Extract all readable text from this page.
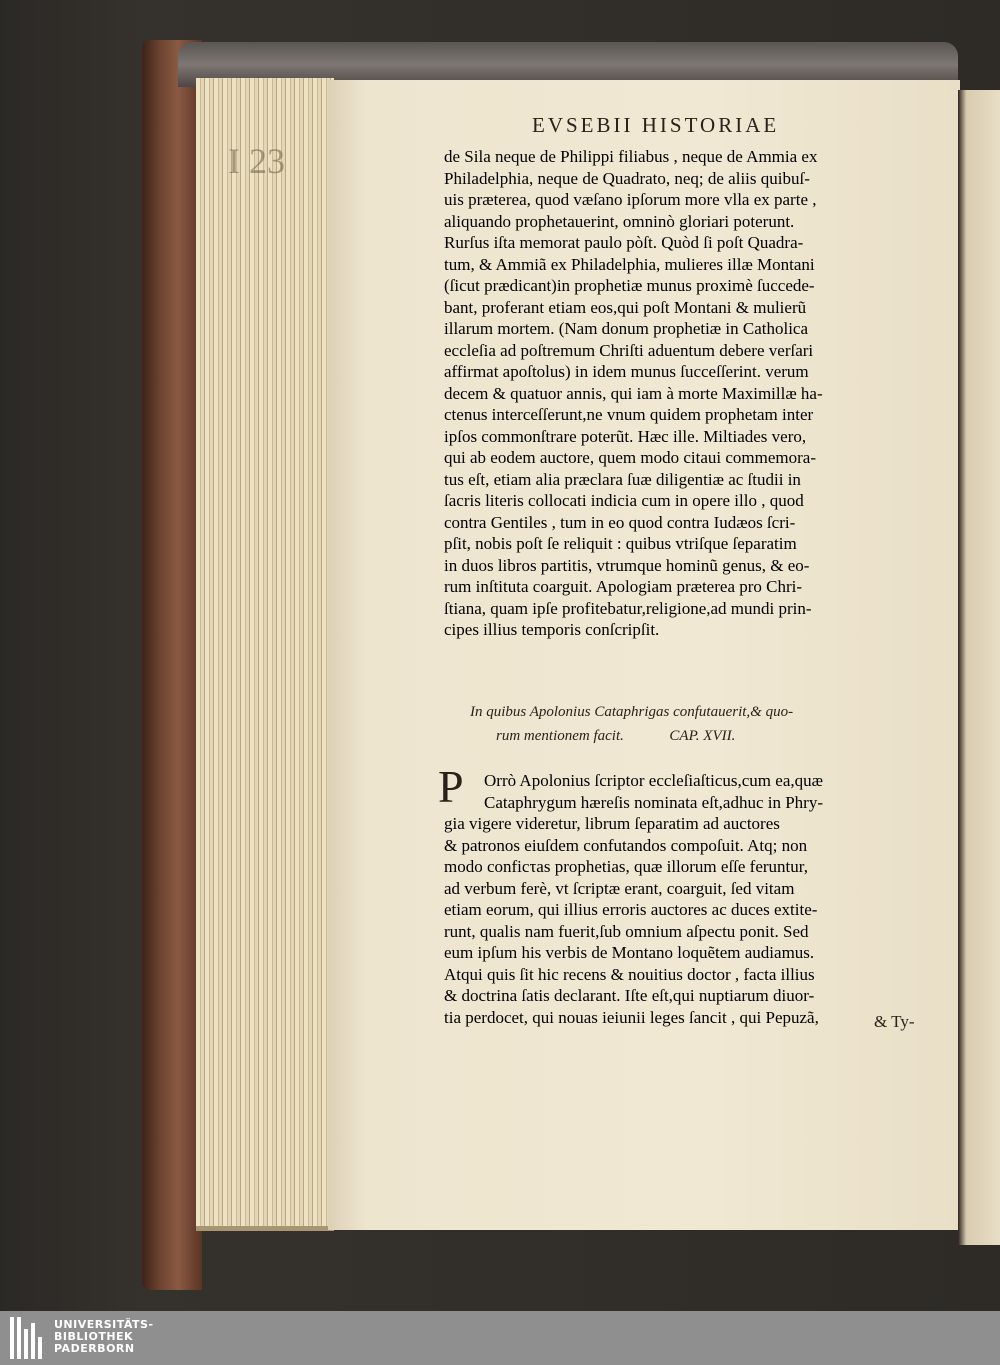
I 23
EVSEBII HISTORIAE
de Sila neque de Philippi filiabus , neque de Ammia ex
Philadelphia, neque de Quadrato, neq; de aliis quibuſ-
uis præterea, quod væſano ipſorum more vlla ex parte ,
aliquando prophetauerint, omninò gloriari poterunt.
Rurſus iſta memorat paulo pòſt. Quòd ſi poſt Quadra-
tum, & Ammiã ex Philadelphia, mulieres illæ Montani
(ſicut prædicant)in prophetiæ munus proximè ſuccede-
bant, proferant etiam eos,qui poſt Montani & mulierũ
illarum mortem. (Nam donum prophetiæ in Catholica
eccleſia ad poſtremum Chriſti aduentum debere verſari
affirmat apoſtolus) in idem munus ſucceſſerint. verum
decem & quatuor annis, qui iam à morte Maximillæ ha-
ctenus interceſſerunt,ne vnum quidem prophetam inter
ipſos commonſtrare poterũt. Hæc ille. Miltiades vero,
qui ab eodem auctore, quem modo citaui commemora-
tus eſt, etiam alia præclara ſuæ diligentiæ ac ſtudii in
ſacris literis collocati indicia cum in opere illo , quod
contra Gentiles , tum in eo quod contra Iudæos ſcri-
pſit, nobis poſt ſe reliquit : quibus vtriſque ſeparatim
in duos libros partitis, vtrumque hominũ genus, & eo-
rum inſtituta coarguit. Apologiam præterea pro Chri-
ſtiana, quam ipſe profitebatur,religione,ad mundi prin-
cipes illius temporis conſcripſit.
In quibus Apolonius Cataphrigas confutauerit,& quo-
rum mentionem facit.	CAP. XVII.
P	Orrò Apolonius ſcriptor eccleſiaſticus,cum ea,quæ
Cataphrygum hæreſis nominata eſt,adhuc in Phry-
gia vigere videretur, librum ſeparatim ad auctores
& patronos eiuſdem confutandos compoſuit. Atq; non
modo conficτas prophetias, quæ illorum eſſe feruntur,
ad verbum ferè, vt ſcriptæ erant, coarguit, ſed vitam
etiam eorum, qui illius erroris auctores ac duces extite-
runt, qualis nam fuerit,ſub omnium aſpectu ponit. Sed
eum ipſum his verbis de Montano loquẽtem audiamus.
Atqui quis ſit hic recens & nouitius doctor , facta illius
& doctrina ſatis declarant. Iſte eſt,qui nuptiarum diuor-
tia perdocet, qui nouas ieiunii leges ſancit , qui Pepuzã,	& Ty-
UNIVERSITÄTS-
BIBLIOTHEK
PADERBORN
